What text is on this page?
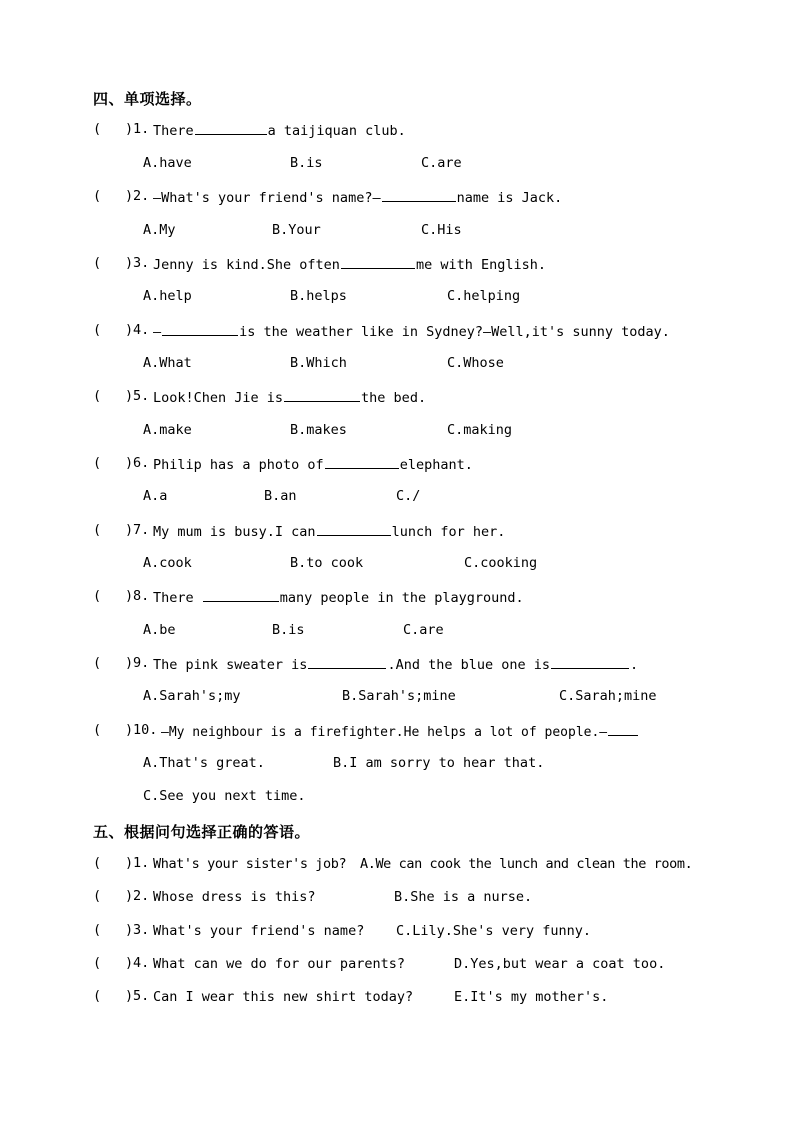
四、单项选择。
( ) 1. There	a taijiquan club.
A.have	B.is	C.are
( ) 2. —What's your friend's name?—	name is Jack.
A.My	B.Your	C.His
( ) 3. Jenny is kind.She often	me with English.
A.help	B.helps	C.helping
( ) 4. —	is the weather like in Sydney?—Well,it's sunny today.
A.What	B.Which	C.Whose
( ) 5. Look!Chen Jie is	the bed.
A.make	B.makes	C.making
( ) 6. Philip has a photo of	elephant.
A.a	B.an	C./
( ) 7. My mum is busy.I can	lunch for her.
A.cook	B.to cook	C.cooking
( ) 8. There	many people in the playground.
A.be	B.is	C.are
( ) 9. The pink sweater is	.And the blue one is	.
A.Sarah's;my	B.Sarah's;mine	C.Sarah;mine
( ) 10. —My neighbour is a firefighter.He helps a lot of people.—
A.That's great.	B.I am sorry to hear that.
C.See you next time.
五、根据问句选择正确的答语。
( ) 1. What's your sister's job? A.We can cook the lunch and clean the room.
( ) 2. Whose dress is this?	B.She is a nurse.
( ) 3. What's your friend's name? C.Lily.She's very funny.
( ) 4. What can we do for our parents?	D.Yes,but wear a coat too.
( ) 5. Can I wear this new shirt today?	E.It's my mother's.
